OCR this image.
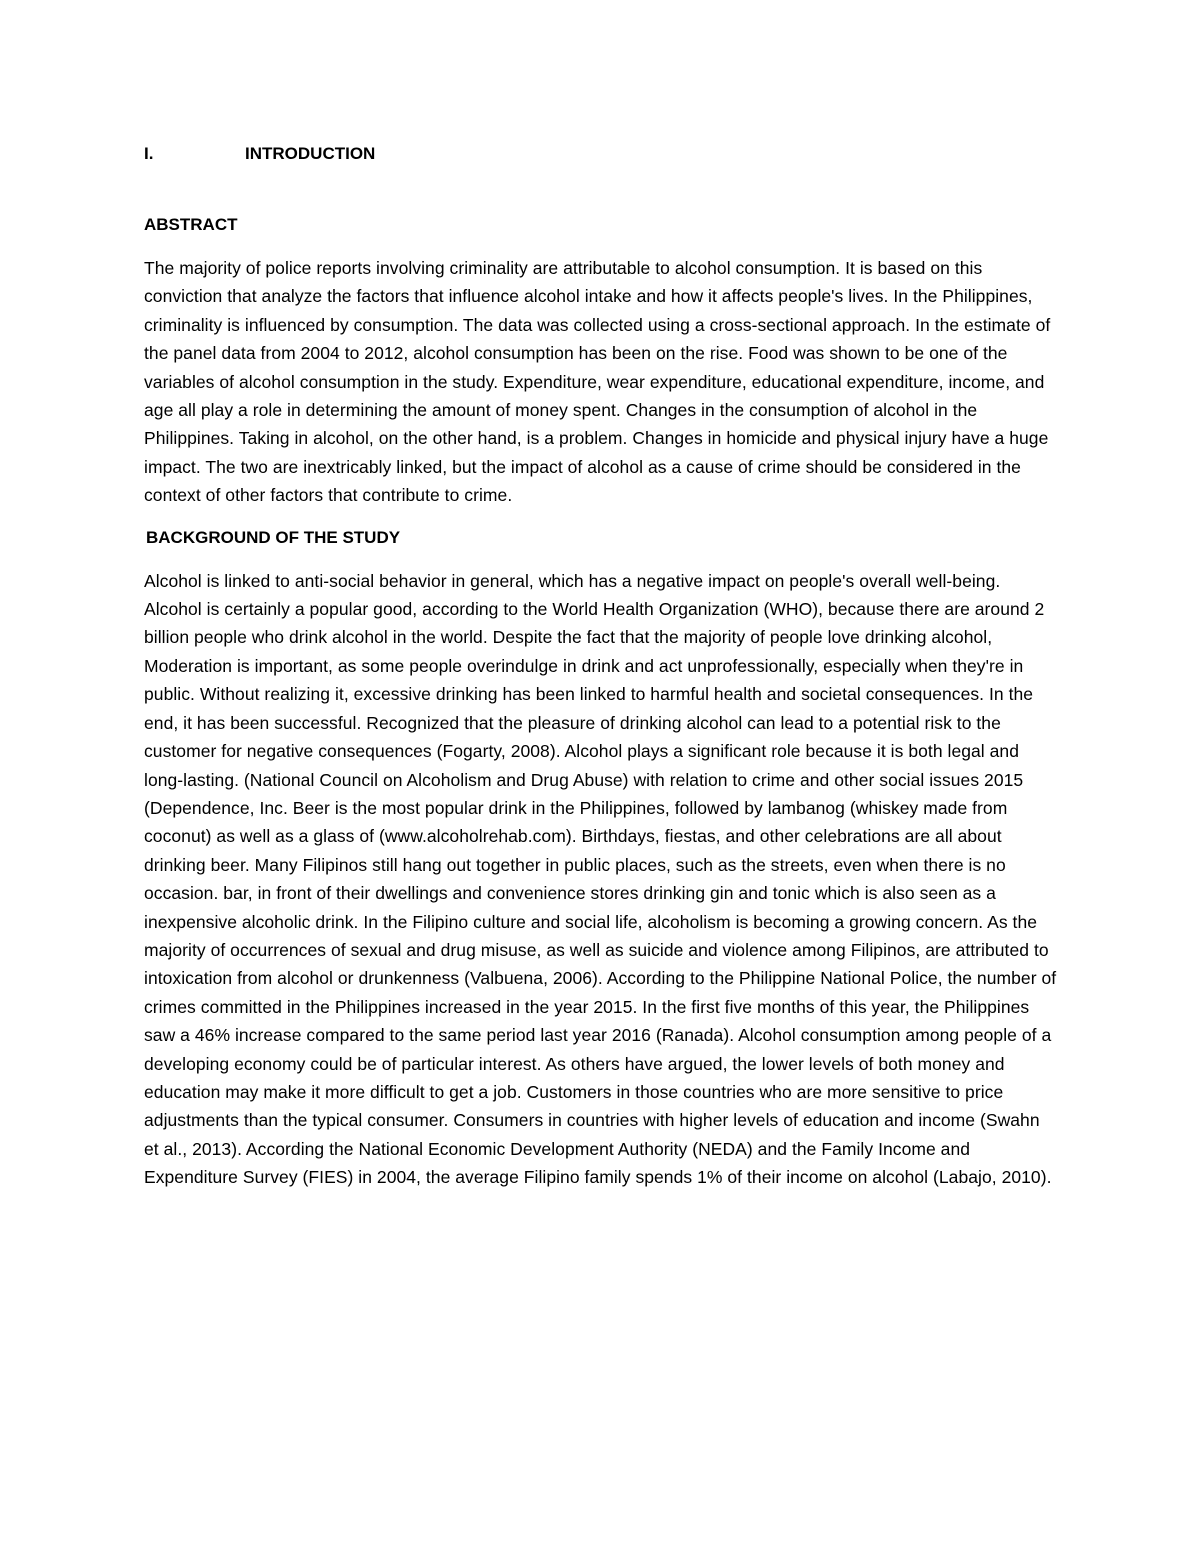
I.	INTRODUCTION
ABSTRACT

The majority of police reports involving criminality are attributable to alcohol consumption. It is based on this conviction that analyze the factors that influence alcohol intake and how it affects people's lives. In the Philippines, criminality is influenced by consumption. The data was collected using a cross-sectional approach. In the estimate of the panel data from 2004 to 2012, alcohol consumption has been on the rise. Food was shown to be one of the variables of alcohol consumption in the study. Expenditure, wear expenditure, educational expenditure, income, and age all play a role in determining the amount of money spent. Changes in the consumption of alcohol in the Philippines. Taking in alcohol, on the other hand, is a problem. Changes in homicide and physical injury have a huge impact. The two are inextricably linked, but the impact of alcohol as a cause of crime should be considered in the context of other factors that contribute to crime.

BACKGROUND OF THE STUDY

Alcohol is linked to anti-social behavior in general, which has a negative impact on people's overall well-being. Alcohol is certainly a popular good, according to the World Health Organization (WHO), because there are around 2 billion people who drink alcohol in the world. Despite the fact that the majority of people love drinking alcohol, Moderation is important, as some people overindulge in drink and act unprofessionally, especially when they're in public. Without realizing it, excessive drinking has been linked to harmful health and societal consequences. In the end, it has been successful. Recognized that the pleasure of drinking alcohol can lead to a potential risk to the customer for negative consequences (Fogarty, 2008). Alcohol plays a significant role because it is both legal and long-lasting. (National Council on Alcoholism and Drug Abuse) with relation to crime and other social issues 2015 (Dependence, Inc. Beer is the most popular drink in the Philippines, followed by lambanog (whiskey made from coconut) as well as a glass of (www.alcoholrehab.com). Birthdays, fiestas, and other celebrations are all about drinking beer. Many Filipinos still hang out together in public places, such as the streets, even when there is no occasion. bar, in front of their dwellings and convenience stores drinking gin and tonic which is also seen as a inexpensive alcoholic drink. In the Filipino culture and social life, alcoholism is becoming a growing concern. As the majority of occurrences of sexual and drug misuse, as well as suicide and violence among Filipinos, are attributed to intoxication from alcohol or drunkenness (Valbuena, 2006). According to the Philippine National Police, the number of crimes committed in the Philippines increased in the year 2015. In the first five months of this year, the Philippines saw a 46% increase compared to the same period last year 2016 (Ranada). Alcohol consumption among people of a developing economy could be of particular interest. As others have argued, the lower levels of both money and education may make it more difficult to get a job. Customers in those countries who are more sensitive to price adjustments than the typical consumer. Consumers in countries with higher levels of education and income (Swahn et al., 2013). According the National Economic Development Authority (NEDA) and the Family Income and Expenditure Survey (FIES) in 2004, the average Filipino family spends 1% of their income on alcohol (Labajo, 2010).
